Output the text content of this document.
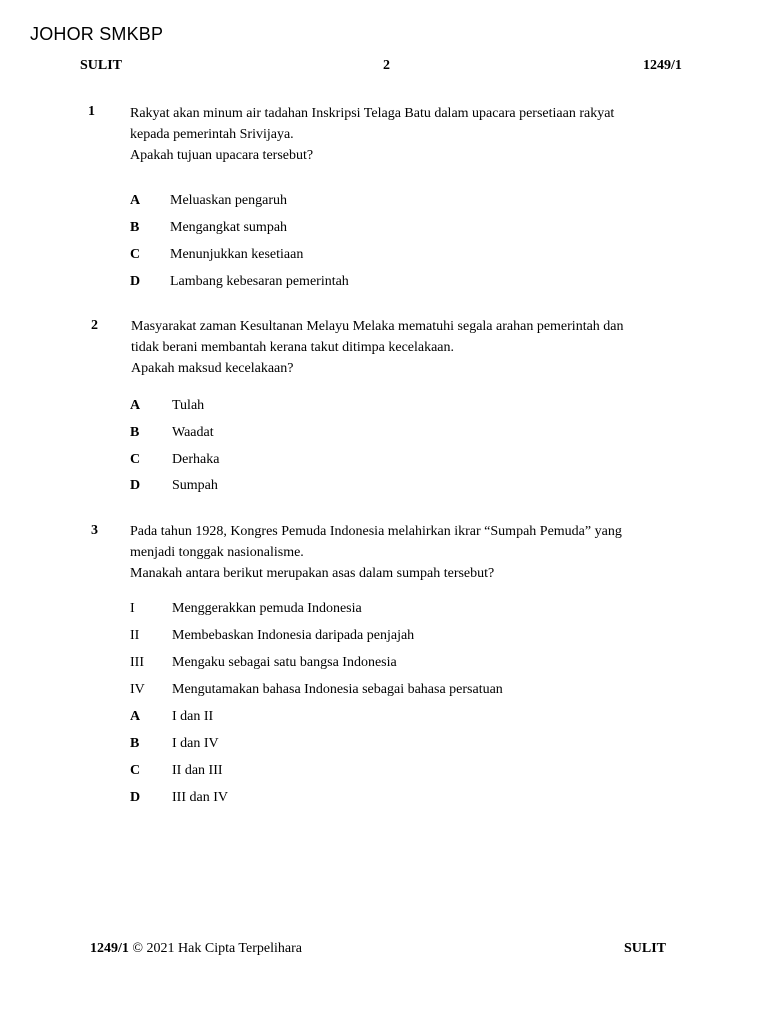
JOHOR SMKBP
SULIT	2	1249/1
1	Rakyat akan minum air tadahan Inskripsi Telaga Batu dalam upacara persetiaan rakyat

kepada pemerintah Srivijaya.

Apakah tujuan upacara tersebut?

A Meluaskan pengaruh
B Mengangkat sumpah
C Menunjukkan kesetiaan
D Lambang kebesaran pemerintah
2 Masyarakat zaman Kesultanan Melayu Melaka mematuhi segala arahan pemerintah dan

tidak berani membantah kerana takut ditimpa kecelakaan.

Apakah maksud kecelakaan?

A Tulah
B Waadat
C Derhaka
D Sumpah
3 Pada tahun 1928, Kongres Pemuda Indonesia melahirkan ikrar “Sumpah Pemuda” yang

menjadi tonggak nasionalisme.

Manakah antara berikut merupakan asas dalam sumpah tersebut?

I	Menggerakkan pemuda Indonesia
II Membebaskan Indonesia daripada penjajah
III Mengaku sebagai satu bangsa Indonesia
IV Mengutamakan bahasa Indonesia sebagai bahasa persatuan
A I dan II
B I dan IV
C II dan III
D III dan IV
1249/1 © 2021 Hak Cipta Terpelihara	SULIT
